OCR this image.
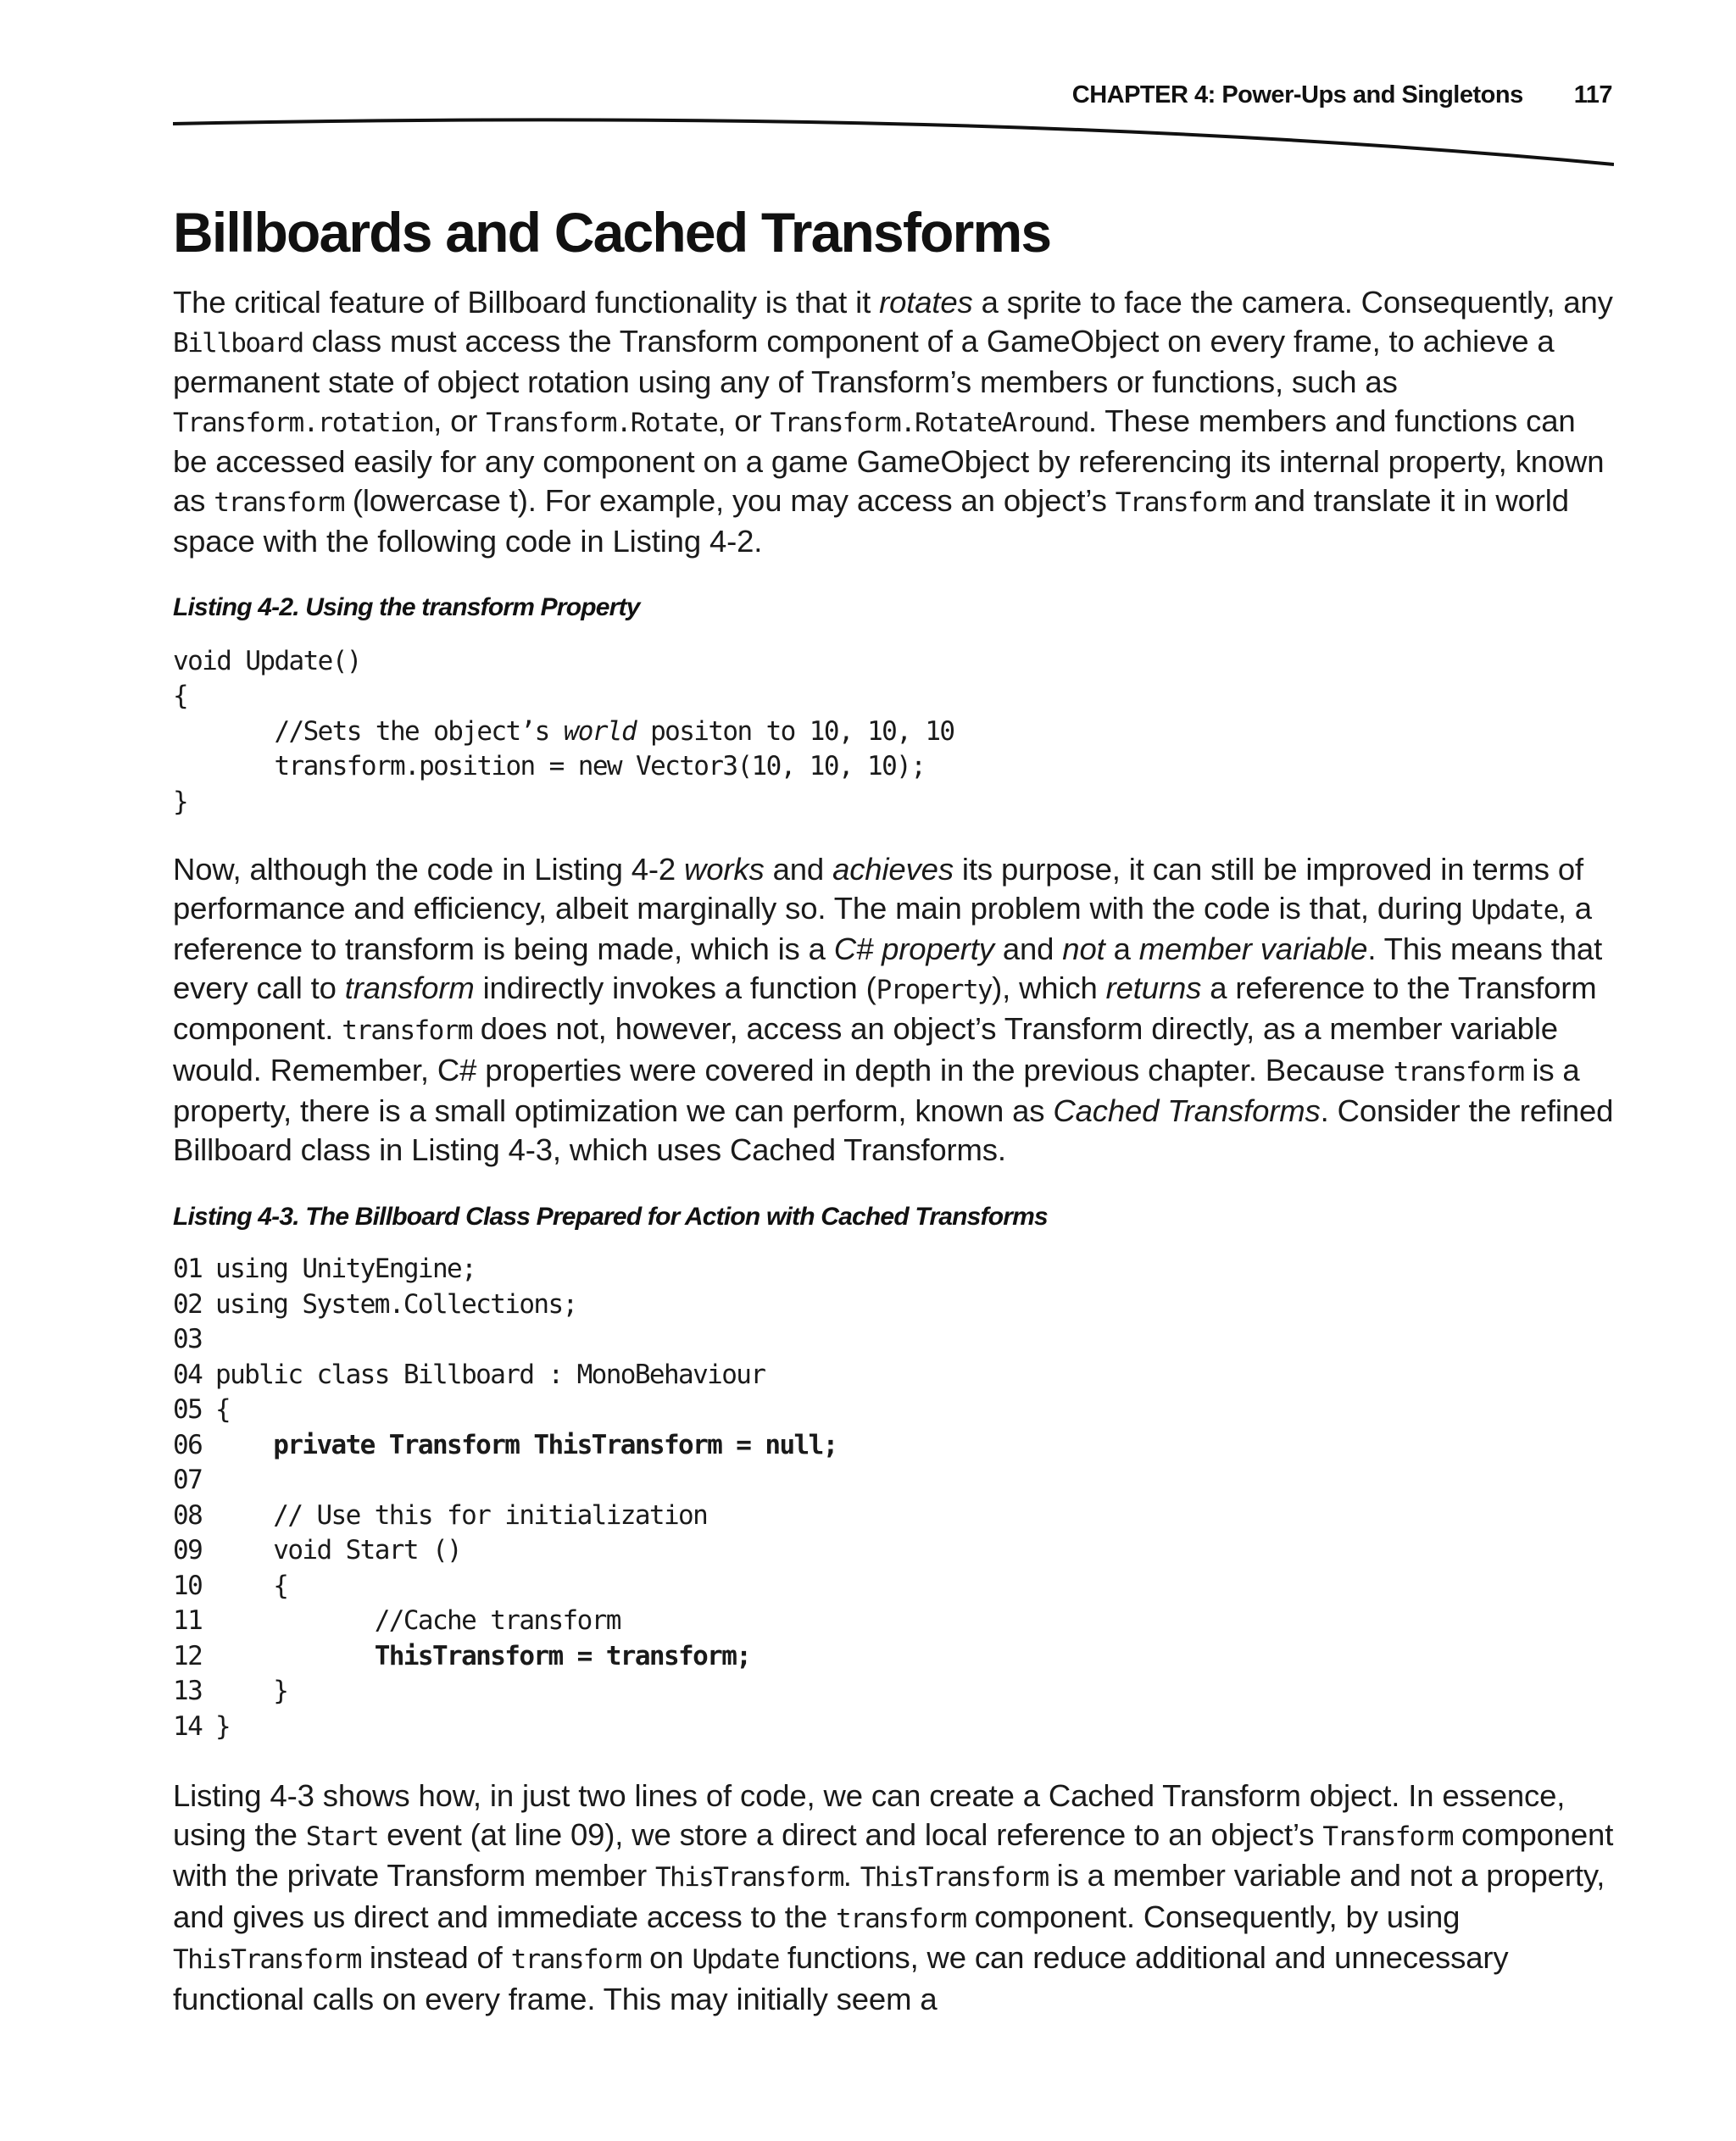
CHAPTER 4: Power-Ups and Singletons 117
Billboards and Cached Transforms

The critical feature of Billboard functionality is that it rotates a sprite to face the camera. Consequently, any Billboard class must access the Transform component of a GameObject on every frame, to achieve a permanent state of object rotation using any of Transform’s members or functions, such as Transform.rotation, or Transform.Rotate, or Transform.RotateAround. These members and functions can be accessed easily for any component on a game GameObject by referencing its internal property, known as transform (lowercase t). For example, you may access an object’s Transform and translate it in world space with the following code in Listing 4-2.

Listing 4-2. Using the transform Property

void Update()
{
//Sets the object’s world positon to 10, 10, 10
transform.position = new Vector3(10, 10, 10);
}

Now, although the code in Listing 4-2 works and achieves its purpose, it can still be improved in terms of performance and efficiency, albeit marginally so. The main problem with the code is that, during Update, a reference to transform is being made, which is a C# property and not a member variable. This means that every call to transform indirectly invokes a function (Property), which returns a reference to the Transform component. transform does not, however, access an object’s Transform directly, as a member variable would. Remember, C# properties were covered in depth in the previous chapter. Because transform is a property, there is a small optimization we can perform, known as Cached Transforms. Consider the refined Billboard class in Listing 4-3, which uses Cached Transforms.

Listing 4-3. The Billboard Class Prepared for Action with Cached Transforms

01 using UnityEngine;
02 using System.Collections;
03
04 public class Billboard : MonoBehaviour
05 {
06	private Transform ThisTransform = null;
07
08    // Use this for initialization
09    void Start ()
10    {
11           //Cache transform
12	ThisTransform = transform;
13    }
14 }

Listing 4-3 shows how, in just two lines of code, we can create a Cached Transform object. In essence, using the Start event (at line 09), we store a direct and local reference to an object’s Transform component with the private Transform member ThisTransform. ThisTransform is a member variable and not a property, and gives us direct and immediate access to the transform component. Consequently, by using ThisTransform instead of transform on Update functions, we can reduce additional and unnecessary functional calls on every frame. This may initially seem a
